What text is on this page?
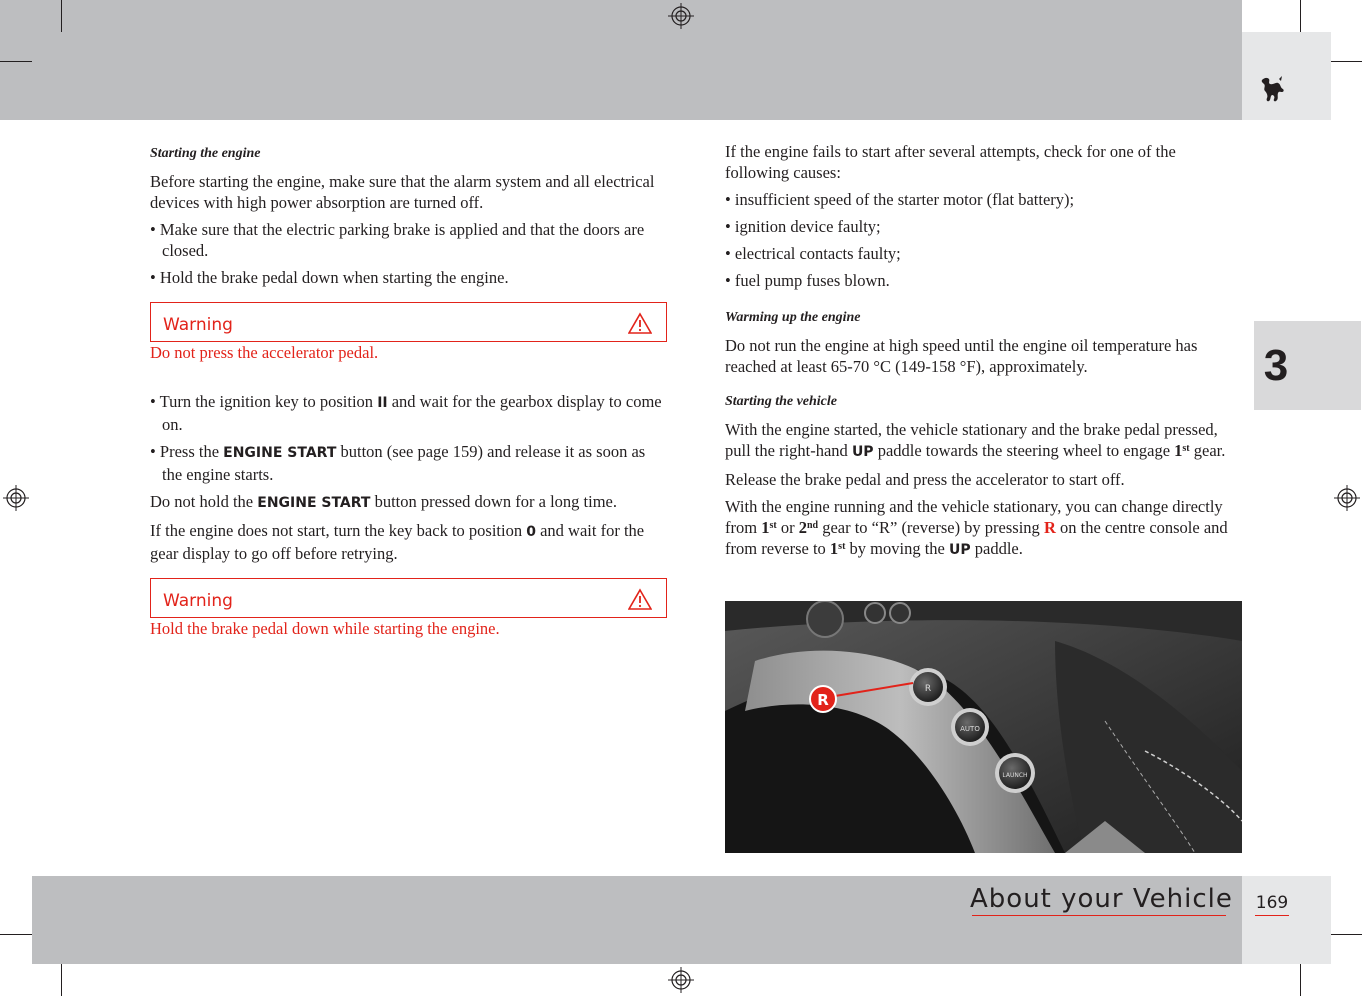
3
About your Vehicle	169

Starting the engine

Before starting the engine, make sure that the alarm system and all electrical devices with high power absorption are turned off.

• Make sure that the electric parking brake is applied and that the doors are closed.

• Hold the brake pedal down when starting the engine.

Warning

Do not press the accelerator pedal.

• Turn the ignition key to position II and wait for the gearbox display to come on.

• Press the ENGINE START button (see page 159) and release it as soon as the engine starts.

Do not hold the ENGINE START button pressed down for a long time.

If the engine does not start, turn the key back to position 0 and wait for the gear display to go off before retrying.

Warning

Hold the brake pedal down while starting the engine.

If the engine fails to start after several attempts, check for one of the following causes:

• insufficient speed of the starter motor (flat battery);

• ignition device faulty;

• electrical contacts faulty;

• fuel pump fuses blown.

Warming up the engine

Do not run the engine at high speed until the engine oil temperature has reached at least 65-70 °C (149-158 °F), approximately.

Starting the vehicle

With the engine started, the vehicle stationary and the brake pedal pressed, pull the right-hand UP paddle towards the steering wheel to engage 1st gear.

Release the brake pedal and press the accelerator to start off.

With the engine running and the vehicle stationary, you can change directly from 1st or 2nd gear to “R” (reverse) by pressing R on the centre console and from reverse to 1st by moving the UP paddle.

R
AUTO
LAUNCH
R
